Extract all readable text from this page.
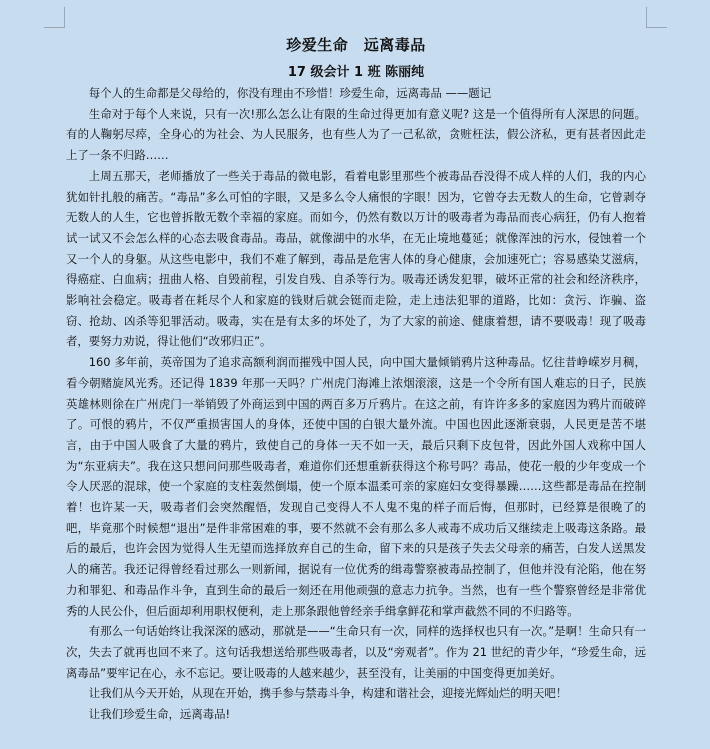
珍爱生命　远离毒品
17 级会计 1 班 陈丽纯

每个人的生命都是父母给的，你没有理由不珍惜！珍爱生命，远离毒品 ——题记

生命对于每个人来说，只有一次!那么怎么让有限的生命过得更加有意义呢? 这是一个值得所有人深思的问题。有的人鞠躬尽瘁，全身心的为社会、为人民服务，也有些人为了一己私欲，贪赃枉法，假公济私，更有甚者因此走上了一条不归路……

上周五那天，老师播放了一些关于毒品的微电影，看着电影里那些个被毒品吞没得不成人样的人们，我的内心犹如针扎般的痛苦。“毒品”多么可怕的字眼，又是多么令人痛恨的字眼！因为，它曾夺去无数人的生命，它曾剥夺无数人的人生，它也曾拆散无数个幸福的家庭。而如今，仍然有数以万计的吸毒者为毒品而丧心病狂，仍有人抱着试一试又不会怎么样的心态去吸食毒品。毒品，就像湖中的水华，在无止境地蔓延；就像浑浊的污水，侵蚀着一个又一个人的身躯。从这些电影中，我们不难了解到，毒品是危害人体的身心健康，会加速死亡；容易感染艾滋病，得癌症、白血病；扭曲人格、自毁前程，引发自残、自杀等行为。吸毒还诱发犯罪，破坏正常的社会和经济秩序，影响社会稳定。吸毒者在耗尽个人和家庭的钱财后就会铤而走险，走上违法犯罪的道路，比如：贪污、诈骗、盗窃、抢劫、凶杀等犯罪活动。吸毒，实在是有太多的坏处了，为了大家的前途、健康着想，请不要吸毒！现了吸毒者，要努力劝说，得让他们“改邪归正”。

160 多年前，英帝国为了追求高额利润而摧残中国人民，向中国大量倾销鸦片这种毒品。忆往昔峥嵘岁月稠，看今朝赌旋风光秀。还记得 1839 年那一天吗？广州虎门海滩上浓烟滚滚，这是一个令所有国人难忘的日子，民族英雄林则徐在广州虎门一举销毁了外商运到中国的两百多万斤鸦片。在这之前，有许许多多的家庭因为鸦片而破碎了。可恨的鸦片，不仅严重损害国人的身体，还使中国的白银大量外流。中国也因此逐渐衰弱，人民更是苦不堪言，由于中国人吸食了大量的鸦片，致使自己的身体一天不如一天，最后只剩下皮包骨，因此外国人戏称中国人为“东亚病夫”。我在这只想问问那些吸毒者，难道你们还想重新获得这个称号吗？毒品，使花一般的少年变成一个令人厌恶的混球，使一个家庭的支柱轰然倒塌，使一个原本温柔可亲的家庭妇女变得暴躁……这些都是毒品在控制着！也许某一天，吸毒者们会突然醒悟，发现自己变得人不人鬼不鬼的样子而后悔，但那时，已经算是很晚了的吧，毕竟那个时候想“退出”是件非常困难的事，要不然就不会有那么多人戒毒不成功后又继续走上吸毒这条路。最后的最后，也许会因为觉得人生无望而选择放弃自己的生命，留下来的只是孩子失去父母亲的痛苦，白发人送黑发人的痛苦。我还记得曾经看过那么一则新闻，据说有一位优秀的缉毒警察被毒品控制了，但他并没有沦陷，他在努力和罪犯、和毒品作斗争，直到生命的最后一刻还在用他顽强的意志力抗争。当然，也有一些个警察曾经是非常优秀的人民公仆，但后面却利用职权便利，走上那条跟他曾经亲手缉拿鲜花和掌声截然不同的不归路等。

有那么一句话始终让我深深的感动，那就是——“生命只有一次，同样的选择权也只有一次。”是啊！生命只有一次，失去了就再也回不来了。这句话我想送给那些吸毒者，以及“旁观者”。作为 21 世纪的青少年，“珍爱生命，远离毒品”要牢记在心，永不忘记。要让吸毒的人越来越少，甚至没有，让美丽的中国变得更加美好。

让我们从今天开始，从现在开始，携手参与禁毒斗争，构建和谐社会，迎接光辉灿烂的明天吧！

让我们珍爱生命，远离毒品!
